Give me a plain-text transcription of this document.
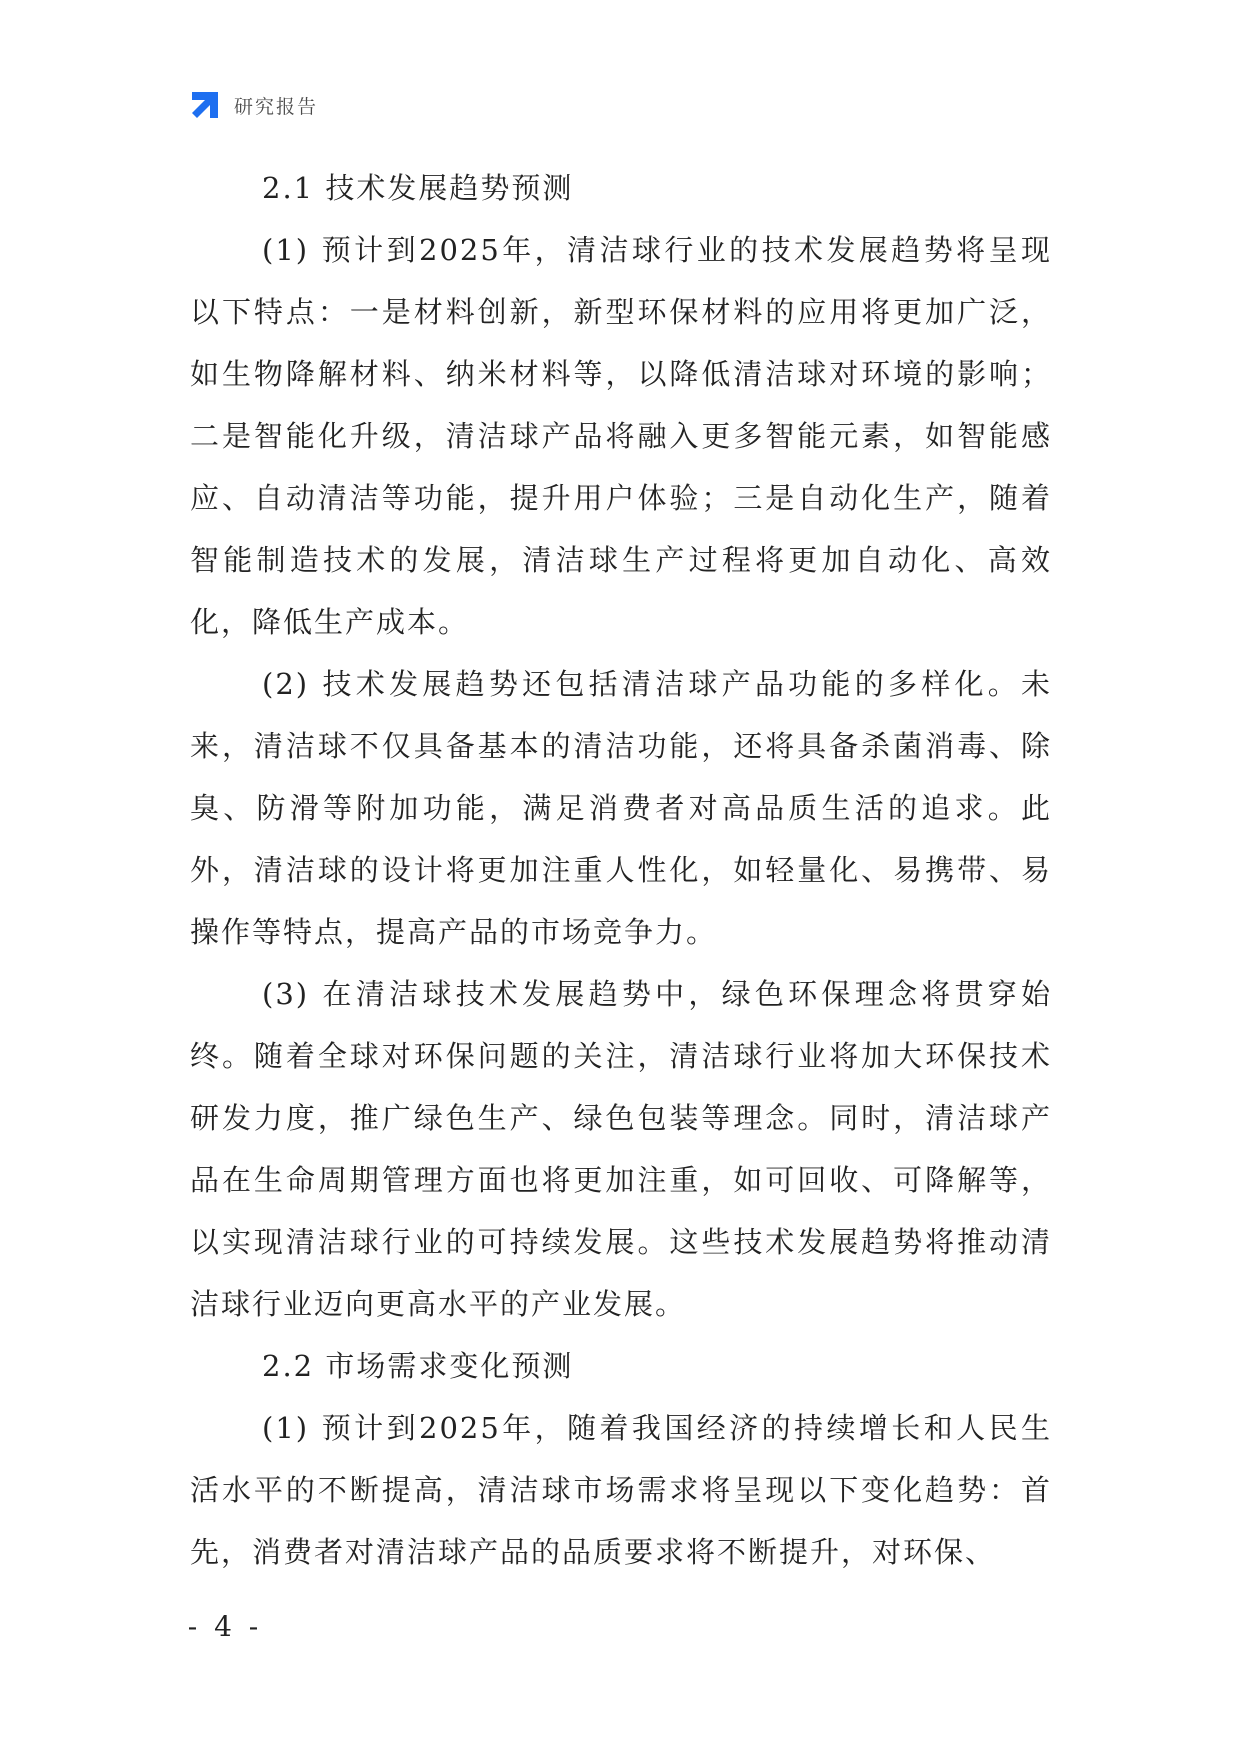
研究报告
2.1 技术发展趋势预测

(1) 预计到2025年，清洁球行业的技术发展趋势将呈现以下特点：一是材料创新，新型环保材料的应用将更加广泛，如生物降解材料、纳米材料等，以降低清洁球对环境的影响；二是智能化升级，清洁球产品将融入更多智能元素，如智能感应、自动清洁等功能，提升用户体验；三是自动化生产，随着智能制造技术的发展，清洁球生产过程将更加自动化、高效化，降低生产成本。

(2) 技术发展趋势还包括清洁球产品功能的多样化。未来，清洁球不仅具备基本的清洁功能，还将具备杀菌消毒、除臭、防滑等附加功能，满足消费者对高品质生活的追求。此外，清洁球的设计将更加注重人性化，如轻量化、易携带、易操作等特点，提高产品的市场竞争力。

(3) 在清洁球技术发展趋势中，绿色环保理念将贯穿始终。随着全球对环保问题的关注，清洁球行业将加大环保技术研发力度，推广绿色生产、绿色包装等理念。同时，清洁球产品在生命周期管理方面也将更加注重，如可回收、可降解等，以实现清洁球行业的可持续发展。这些技术发展趋势将推动清洁球行业迈向更高水平的产业发展。

2.2 市场需求变化预测

(1) 预计到2025年，随着我国经济的持续增长和人民生活水平的不断提高，清洁球市场需求将呈现以下变化趋势：首先，消费者对清洁球产品的品质要求将不断提升，对环保、

- 4 -
